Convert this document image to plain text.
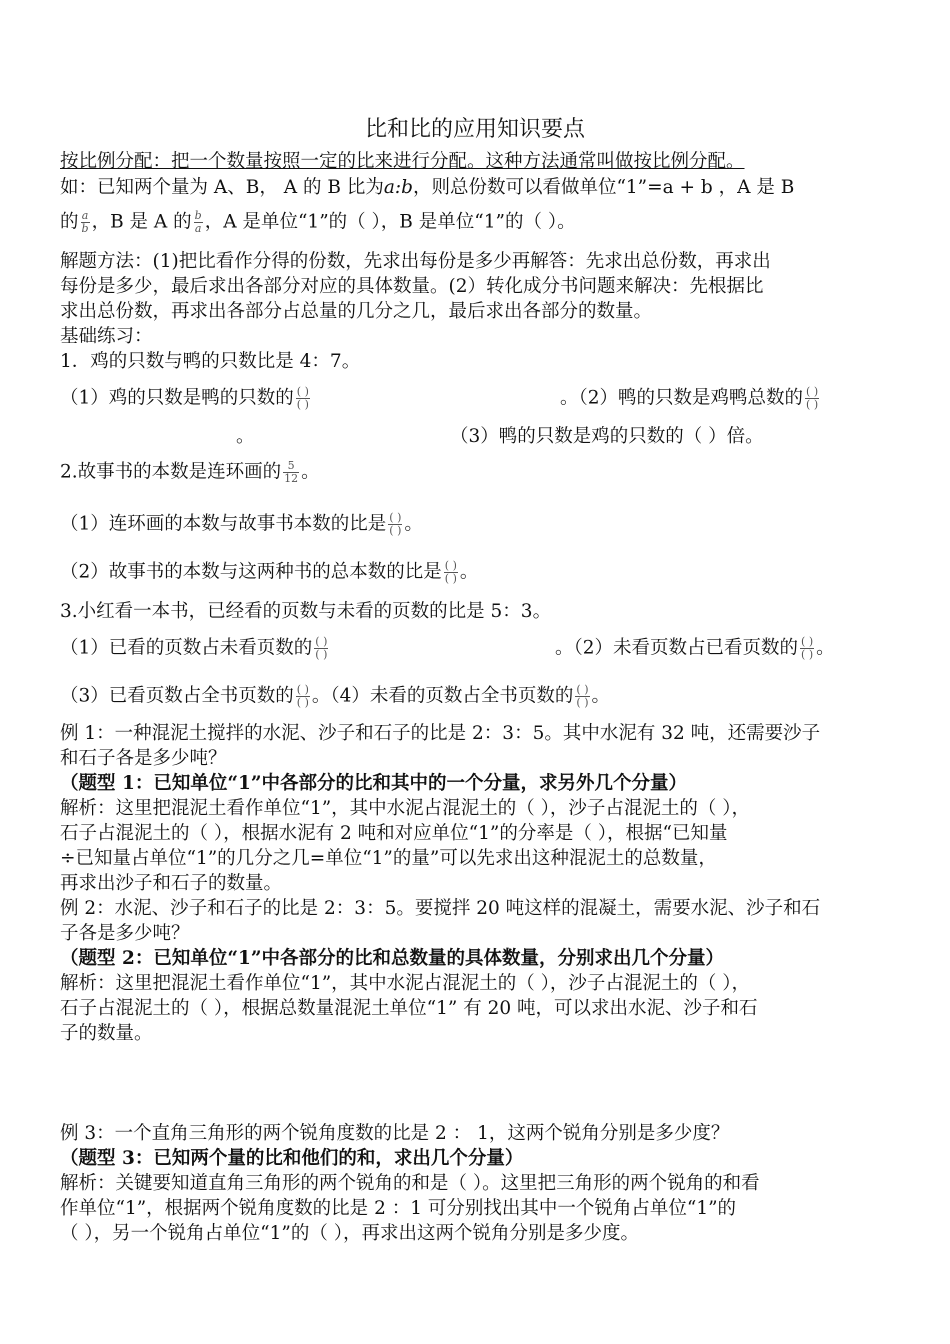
比和比的应用知识要点
按比例分配：把一个数量按照一定的比来进行分配。这种方法通常叫做按比例分配。
如：已知两个量为 A、B， A 的 B 比为a:b，则总份数可以看做单位“1”=a + b ，A 是 B
的 $\frac{a}{b}$ ，B 是 A 的 $\frac{b}{a}$ ，A 是单位“1”的（ ），B 是单位“1”的（ ）。
解题方法：(1)把比看作分得的份数，先求出每份是多少再解答：先求出总份数，再求出
每份是多少，最后求出各部分对应的具体数量。(2）转化成分书问题来解决：先根据比
求出总份数，再求出各部分占总量的几分之几，最后求出各部分的数量。
基础练习：
1．鸡的只数与鸭的只数比是 4：7。
（1）鸡的只数是鸭的只数的 $\frac{( )}{( )}$	。（2）鸭的只数是鸡鸭总数的 $\frac{( )}{( )}$
。	（3）鸭的只数是鸡的只数的（ ）倍。
2.故事书的本数是连环画的 $\frac{5}{12}$ 。
（1）连环画的本数与故事书本数的比是 $\frac{( )}{( )}$ 。
（2）故事书的本数与这两种书的总本数的比是 $\frac{( )}{( )}$ 。
3.小红看一本书，已经看的页数与未看的页数的比是 5：3。
（1）已看的页数占未看页数的 $\frac{( )}{( )}$	。（2）未看页数占已看页数的 $\frac{( )}{( )}$ 。
（3）已看页数占全书页数的 $\frac{( )}{( )}$ 。（4）未看的页数占全书页数的 $\frac{( )}{( )}$ 。
例 1：一种混泥土搅拌的水泥、沙子和石子的比是 2：3：5。其中水泥有 32 吨，还需要沙子
和石子各是多少吨？
（题型 1：已知单位“1”中各部分的比和其中的一个分量，求另外几个分量）
解析：这里把混泥土看作单位“1”，其中水泥占混泥土的（ ），沙子占混泥土的（ ），
石子占混泥土的（ ），根据水泥有 2 吨和对应单位“1”的分率是（ ），根据“已知量
÷已知量占单位“1”的几分之几=单位“1”的量”可以先求出这种混泥土的总数量，
再求出沙子和石子的数量。
例 2：水泥、沙子和石子的比是 2：3：5。要搅拌 20 吨这样的混凝土，需要水泥、沙子和石
子各是多少吨？
（题型 2：已知单位“1”中各部分的比和总数量的具体数量，分别求出几个分量）
解析：这里把混泥土看作单位“1”，其中水泥占混泥土的（ ），沙子占混泥土的（ ），
石子占混泥土的（ ），根据总数量混泥土单位“1” 有 20 吨，可以求出水泥、沙子和石
子的数量。
例 3：一个直角三角形的两个锐角度数的比是 2 ： 1，这两个锐角分别是多少度？
（题型 3：已知两个量的比和他们的和，求出几个分量）
解析：关键要知道直角三角形的两个锐角的和是（ ）。这里把三角形的两个锐角的和看
作单位“1”，根据两个锐角度数的比是 2 ：1 可分别找出其中一个锐角占单位“1”的
（ ），另一个锐角占单位“1”的（ ），再求出这两个锐角分别是多少度。
